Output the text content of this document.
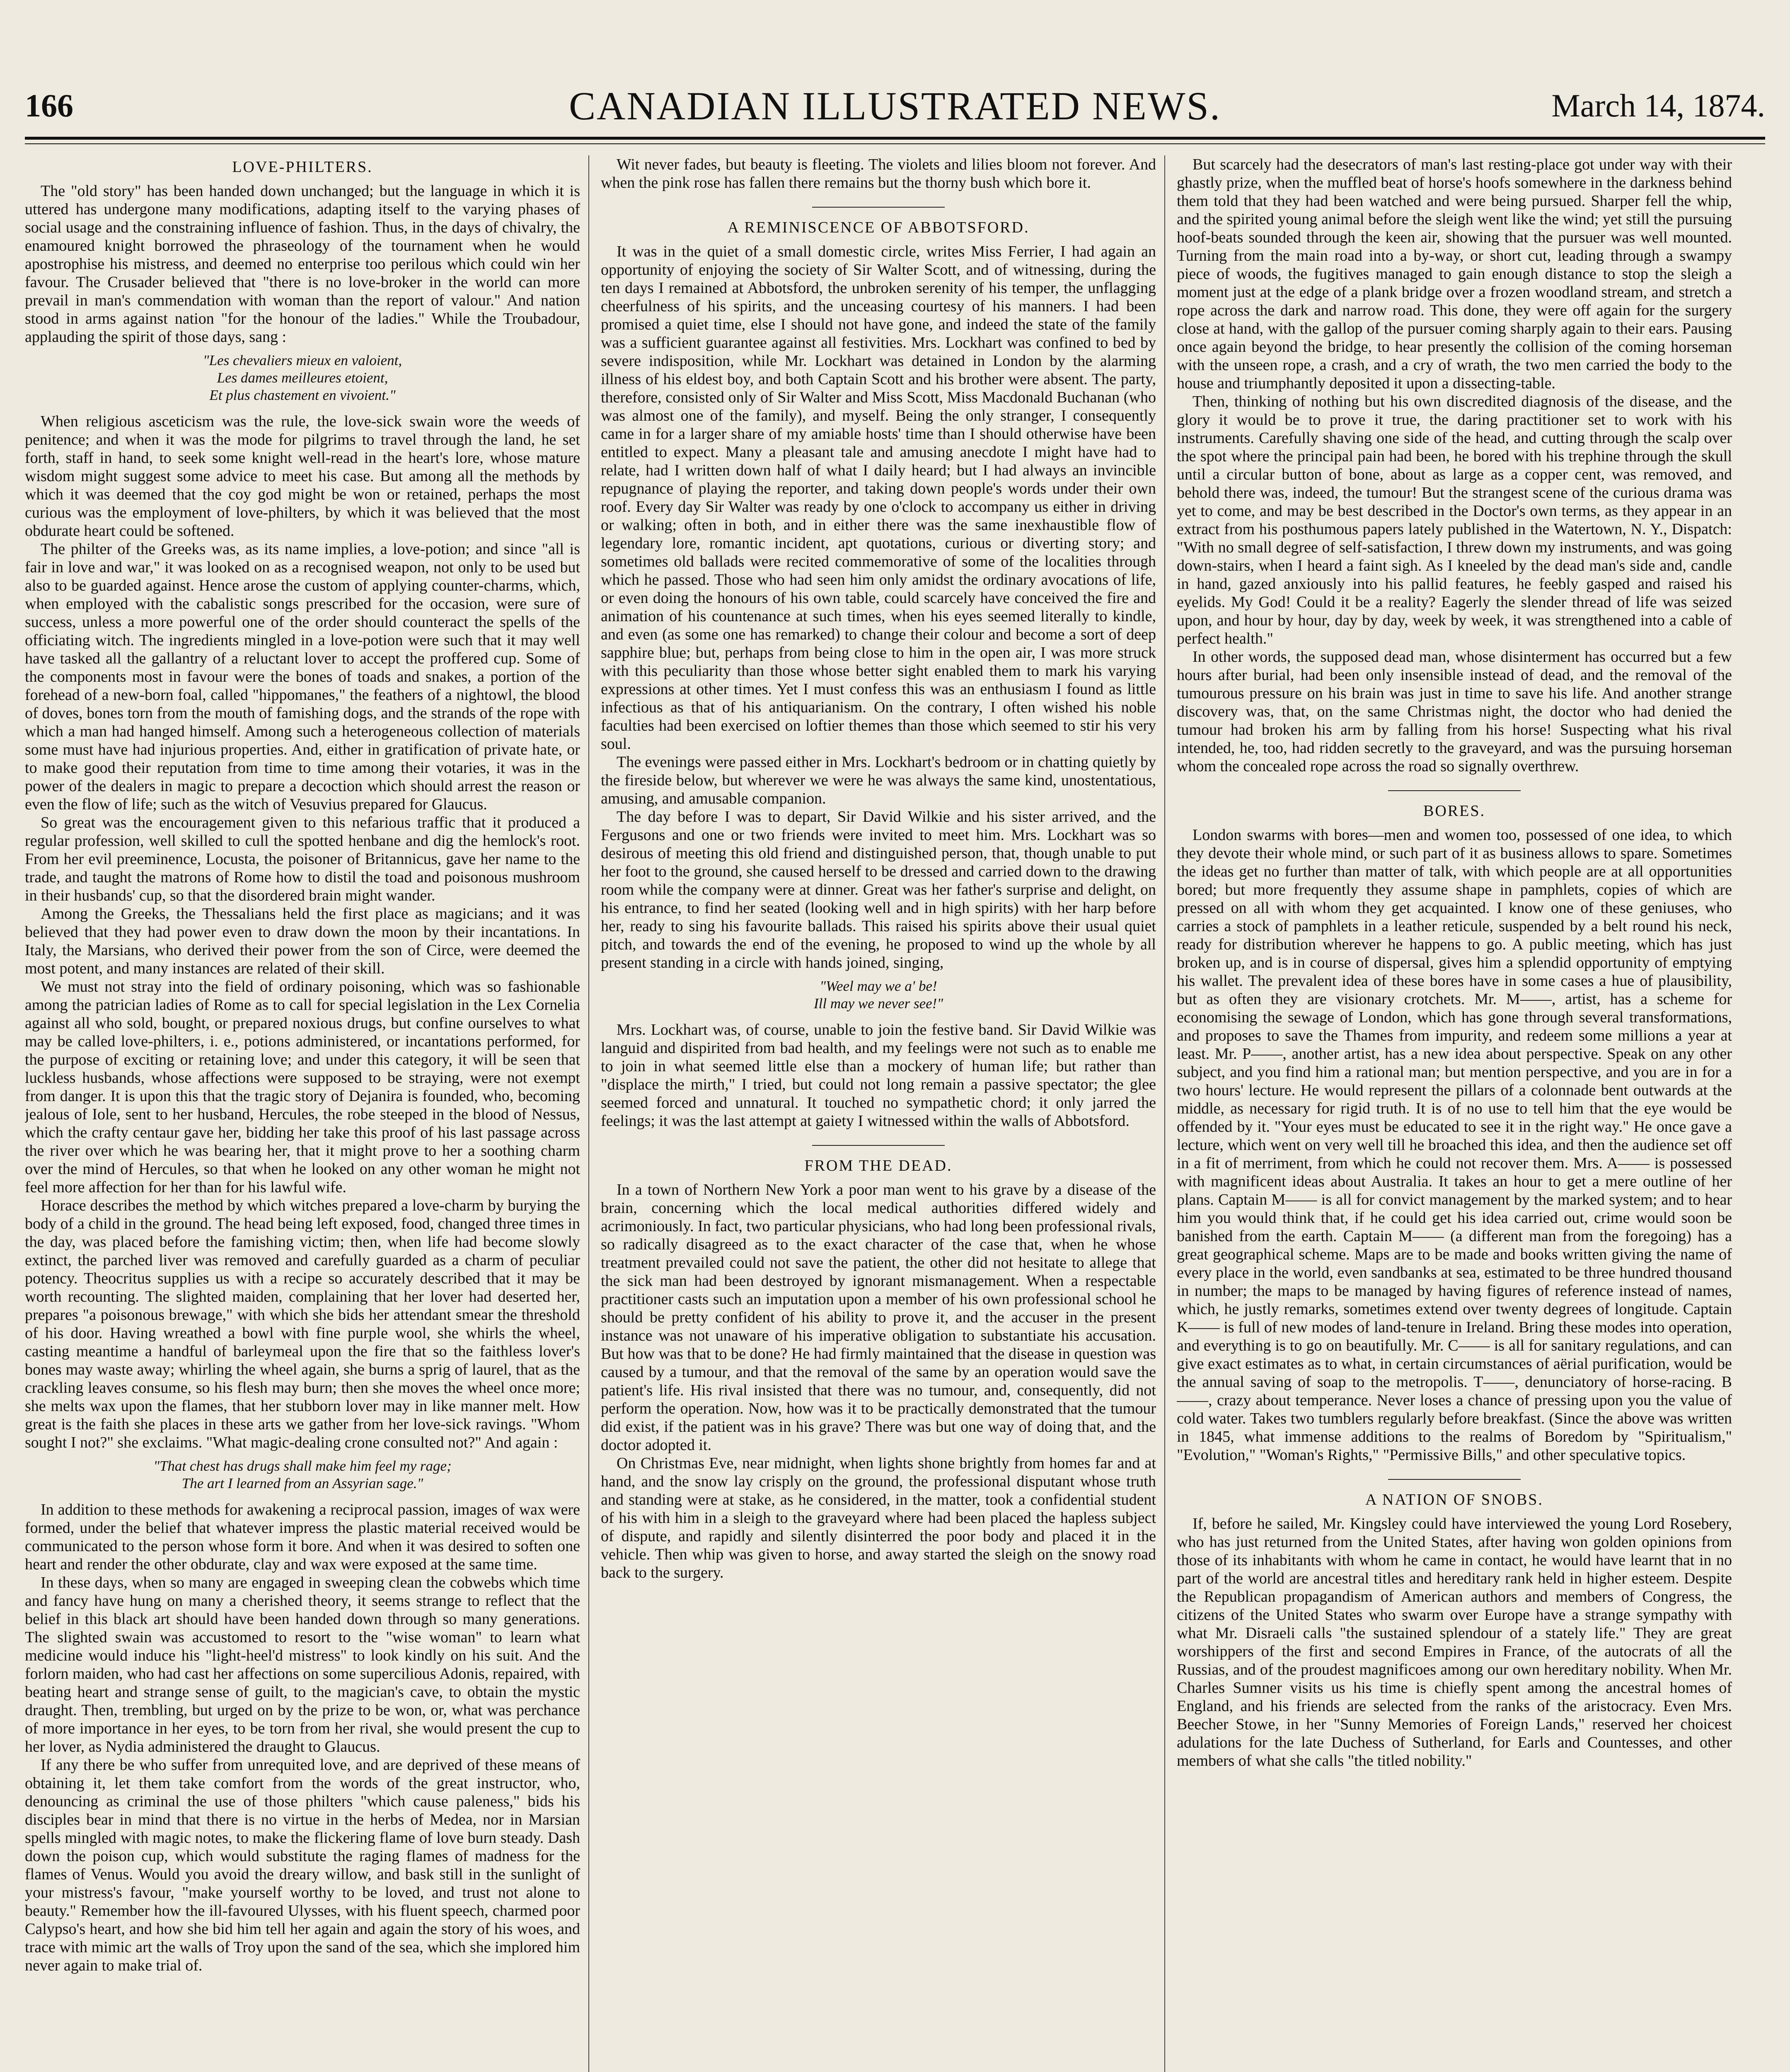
166	CANADIAN ILLUSTRATED NEWS.	March 14, 1874.
LOVE-PHILTERS.

The "old story" has been handed down unchanged; but the language in which it is uttered has undergone many modifications, adapting itself to the varying phases of social usage and the constraining influence of fashion. Thus, in the days of chivalry, the enamoured knight borrowed the phraseology of the tournament when he would apostrophise his mistress, and deemed no enterprise too perilous which could win her favour. The Crusader believed that "there is no love-broker in the world can more prevail in man's commendation with woman than the report of valour." And nation stood in arms against nation "for the honour of the ladies." While the Troubadour, applauding the spirit of those days, sang :

"Les chevaliers mieux en valoient,
Les dames meilleures etoient,
Et plus chastement en vivoient."

When religious asceticism was the rule, the love-sick swain wore the weeds of penitence; and when it was the mode for pilgrims to travel through the land, he set forth, staff in hand, to seek some knight well-read in the heart's lore, whose mature wisdom might suggest some advice to meet his case. But among all the methods by which it was deemed that the coy god might be won or retained, perhaps the most curious was the employment of love-philters, by which it was believed that the most obdurate heart could be softened.

The philter of the Greeks was, as its name implies, a love-potion; and since "all is fair in love and war," it was looked on as a recognised weapon, not only to be used but also to be guarded against. Hence arose the custom of applying counter-charms, which, when employed with the cabalistic songs prescribed for the occasion, were sure of success, unless a more powerful one of the order should counteract the spells of the officiating witch. The ingredients mingled in a love-potion were such that it may well have tasked all the gallantry of a reluctant lover to accept the proffered cup. Some of the components most in favour were the bones of toads and snakes, a portion of the forehead of a new-born foal, called "hippomanes," the feathers of a nightowl, the blood of doves, bones torn from the mouth of famishing dogs, and the strands of the rope with which a man had hanged himself. Among such a heterogeneous collection of materials some must have had injurious properties. And, either in gratification of private hate, or to make good their reputation from time to time among their votaries, it was in the power of the dealers in magic to prepare a decoction which should arrest the reason or even the flow of life; such as the witch of Vesuvius prepared for Glaucus.

So great was the encouragement given to this nefarious traffic that it produced a regular profession, well skilled to cull the spotted henbane and dig the hemlock's root. From her evil preeminence, Locusta, the poisoner of Britannicus, gave her name to the trade, and taught the matrons of Rome how to distil the toad and poisonous mushroom in their husbands' cup, so that the disordered brain might wander.

Among the Greeks, the Thessalians held the first place as magicians; and it was believed that they had power even to draw down the moon by their incantations. In Italy, the Marsians, who derived their power from the son of Circe, were deemed the most potent, and many instances are related of their skill.

We must not stray into the field of ordinary poisoning, which was so fashionable among the patrician ladies of Rome as to call for special legislation in the Lex Cornelia against all who sold, bought, or prepared noxious drugs, but confine ourselves to what may be called love-philters, i. e., potions administered, or incantations performed, for the purpose of exciting or retaining love; and under this category, it will be seen that luckless husbands, whose affections were supposed to be straying, were not exempt from danger. It is upon this that the tragic story of Dejanira is founded, who, becoming jealous of Iole, sent to her husband, Hercules, the robe steeped in the blood of Nessus, which the crafty centaur gave her, bidding her take this proof of his last passage across the river over which he was bearing her, that it might prove to her a soothing charm over the mind of Hercules, so that when he looked on any other woman he might not feel more affection for her than for his lawful wife.

Horace describes the method by which witches prepared a love-charm by burying the body of a child in the ground. The head being left exposed, food, changed three times in the day, was placed before the famishing victim; then, when life had become slowly extinct, the parched liver was removed and carefully guarded as a charm of peculiar potency. Theocritus supplies us with a recipe so accurately described that it may be worth recounting. The slighted maiden, complaining that her lover had deserted her, prepares "a poisonous brewage," with which she bids her attendant smear the threshold of his door. Having wreathed a bowl with fine purple wool, she whirls the wheel, casting meantime a handful of barleymeal upon the fire that so the faithless lover's bones may waste away; whirling the wheel again, she burns a sprig of laurel, that as the crackling leaves consume, so his flesh may burn; then she moves the wheel once more; she melts wax upon the flames, that her stubborn lover may in like manner melt. How great is the faith she places in these arts we gather from her love-sick ravings. "Whom sought I not?" she exclaims. "What magic-dealing crone consulted not?" And again :

"That chest has drugs shall make him feel my rage;
The art I learned from an Assyrian sage."

In addition to these methods for awakening a reciprocal passion, images of wax were formed, under the belief that whatever impress the plastic material received would be communicated to the person whose form it bore. And when it was desired to soften one heart and render the other obdurate, clay and wax were exposed at the same time.

In these days, when so many are engaged in sweeping clean the cobwebs which time and fancy have hung on many a cherished theory, it seems strange to reflect that the belief in this black art should have been handed down through so many generations. The slighted swain was accustomed to resort to the "wise woman" to learn what medicine would induce his "light-heel'd mistress" to look kindly on his suit. And the forlorn maiden, who had cast her affections on some supercilious Adonis, repaired, with beating heart and strange sense of guilt, to the magician's cave, to obtain the mystic draught. Then, trembling, but urged on by the prize to be won, or, what was perchance of more importance in her eyes, to be torn from her rival, she would present the cup to her lover, as Nydia administered the draught to Glaucus.

If any there be who suffer from unrequited love, and are deprived of these means of obtaining it, let them take comfort from the words of the great instructor, who, denouncing as criminal the use of those philters "which cause paleness," bids his disciples bear in mind that there is no virtue in the herbs of Medea, nor in Marsian spells mingled with magic notes, to make the flickering flame of love burn steady. Dash down the poison cup, which would substitute the raging flames of madness for the flames of Venus. Would you avoid the dreary willow, and bask still in the sunlight of your mistress's favour, "make yourself worthy to be loved, and trust not alone to beauty." Remember how the ill-favoured Ulysses, with his fluent speech, charmed poor Calypso's heart, and how she bid him tell her again and again the story of his woes, and trace with mimic art the walls of Troy upon the sand of the sea, which she implored him never again to make trial of.

Wit never fades, but beauty is fleeting. The violets and lilies bloom not forever. And when the pink rose has fallen there remains but the thorny bush which bore it.

A REMINISCENCE OF ABBOTSFORD.

It was in the quiet of a small domestic circle, writes Miss Ferrier, I had again an opportunity of enjoying the society of Sir Walter Scott, and of witnessing, during the ten days I remained at Abbotsford, the unbroken serenity of his temper, the unflagging cheerfulness of his spirits, and the unceasing courtesy of his manners. I had been promised a quiet time, else I should not have gone, and indeed the state of the family was a sufficient guarantee against all festivities. Mrs. Lockhart was confined to bed by severe indisposition, while Mr. Lockhart was detained in London by the alarming illness of his eldest boy, and both Captain Scott and his brother were absent. The party, therefore, consisted only of Sir Walter and Miss Scott, Miss Macdonald Buchanan (who was almost one of the family), and myself. Being the only stranger, I consequently came in for a larger share of my amiable hosts' time than I should otherwise have been entitled to expect. Many a pleasant tale and amusing anecdote I might have had to relate, had I written down half of what I daily heard; but I had always an invincible repugnance of playing the reporter, and taking down people's words under their own roof. Every day Sir Walter was ready by one o'clock to accompany us either in driving or walking; often in both, and in either there was the same inexhaustible flow of legendary lore, romantic incident, apt quotations, curious or diverting story; and sometimes old ballads were recited commemorative of some of the localities through which he passed. Those who had seen him only amidst the ordinary avocations of life, or even doing the honours of his own table, could scarcely have conceived the fire and animation of his countenance at such times, when his eyes seemed literally to kindle, and even (as some one has remarked) to change their colour and become a sort of deep sapphire blue; but, perhaps from being close to him in the open air, I was more struck with this peculiarity than those whose better sight enabled them to mark his varying expressions at other times. Yet I must confess this was an enthusiasm I found as little infectious as that of his antiquarianism. On the contrary, I often wished his noble faculties had been exercised on loftier themes than those which seemed to stir his very soul.

The evenings were passed either in Mrs. Lockhart's bedroom or in chatting quietly by the fireside below, but wherever we were he was always the same kind, unostentatious, amusing, and amusable companion.

The day before I was to depart, Sir David Wilkie and his sister arrived, and the Fergusons and one or two friends were invited to meet him. Mrs. Lockhart was so desirous of meeting this old friend and distinguished person, that, though unable to put her foot to the ground, she caused herself to be dressed and carried down to the drawing room while the company were at dinner. Great was her father's surprise and delight, on his entrance, to find her seated (looking well and in high spirits) with her harp before her, ready to sing his favourite ballads. This raised his spirits above their usual quiet pitch, and towards the end of the evening, he proposed to wind up the whole by all present standing in a circle with hands joined, singing,

"Weel may we a' be!
Ill may we never see!"

Mrs. Lockhart was, of course, unable to join the festive band. Sir David Wilkie was languid and dispirited from bad health, and my feelings were not such as to enable me to join in what seemed little else than a mockery of human life; but rather than "displace the mirth," I tried, but could not long remain a passive spectator; the glee seemed forced and unnatural. It touched no sympathetic chord; it only jarred the feelings; it was the last attempt at gaiety I witnessed within the walls of Abbotsford.

FROM THE DEAD.

In a town of Northern New York a poor man went to his grave by a disease of the brain, concerning which the local medical authorities differed widely and acrimoniously. In fact, two particular physicians, who had long been professional rivals, so radically disagreed as to the exact character of the case that, when he whose treatment prevailed could not save the patient, the other did not hesitate to allege that the sick man had been destroyed by ignorant mismanagement. When a respectable practitioner casts such an imputation upon a member of his own professional school he should be pretty confident of his ability to prove it, and the accuser in the present instance was not unaware of his imperative obligation to substantiate his accusation. But how was that to be done? He had firmly maintained that the disease in question was caused by a tumour, and that the removal of the same by an operation would save the patient's life. His rival insisted that there was no tumour, and, consequently, did not perform the operation. Now, how was it to be practically demonstrated that the tumour did exist, if the patient was in his grave? There was but one way of doing that, and the doctor adopted it.

On Christmas Eve, near midnight, when lights shone brightly from homes far and at hand, and the snow lay crisply on the ground, the professional disputant whose truth and standing were at stake, as he considered, in the matter, took a confidential student of his with him in a sleigh to the graveyard where had been placed the hapless subject of dispute, and rapidly and silently disinterred the poor body and placed it in the vehicle. Then whip was given to horse, and away started the sleigh on the snowy road back to the surgery.

But scarcely had the desecrators of man's last resting-place got under way with their ghastly prize, when the muffled beat of horse's hoofs somewhere in the darkness behind them told that they had been watched and were being pursued. Sharper fell the whip, and the spirited young animal before the sleigh went like the wind; yet still the pursuing hoof-beats sounded through the keen air, showing that the pursuer was well mounted. Turning from the main road into a by-way, or short cut, leading through a swampy piece of woods, the fugitives managed to gain enough distance to stop the sleigh a moment just at the edge of a plank bridge over a frozen woodland stream, and stretch a rope across the dark and narrow road. This done, they were off again for the surgery close at hand, with the gallop of the pursuer coming sharply again to their ears. Pausing once again beyond the bridge, to hear presently the collision of the coming horseman with the unseen rope, a crash, and a cry of wrath, the two men carried the body to the house and triumphantly deposited it upon a dissecting-table.

Then, thinking of nothing but his own discredited diagnosis of the disease, and the glory it would be to prove it true, the daring practitioner set to work with his instruments. Carefully shaving one side of the head, and cutting through the scalp over the spot where the principal pain had been, he bored with his trephine through the skull until a circular button of bone, about as large as a copper cent, was removed, and behold there was, indeed, the tumour! But the strangest scene of the curious drama was yet to come, and may be best described in the Doctor's own terms, as they appear in an extract from his posthumous papers lately published in the Watertown, N. Y., Dispatch: "With no small degree of self-satisfaction, I threw down my instruments, and was going down-stairs, when I heard a faint sigh. As I kneeled by the dead man's side and, candle in hand, gazed anxiously into his pallid features, he feebly gasped and raised his eyelids. My God! Could it be a reality? Eagerly the slender thread of life was seized upon, and hour by hour, day by day, week by week, it was strengthened into a cable of perfect health."

In other words, the supposed dead man, whose disinterment has occurred but a few hours after burial, had been only insensible instead of dead, and the removal of the tumourous pressure on his brain was just in time to save his life. And another strange discovery was, that, on the same Christmas night, the doctor who had denied the tumour had broken his arm by falling from his horse! Suspecting what his rival intended, he, too, had ridden secretly to the graveyard, and was the pursuing horseman whom the concealed rope across the road so signally overthrew.

BORES.

London swarms with bores—men and women too, possessed of one idea, to which they devote their whole mind, or such part of it as business allows to spare. Sometimes the ideas get no further than matter of talk, with which people are at all opportunities bored; but more frequently they assume shape in pamphlets, copies of which are pressed on all with whom they get acquainted. I know one of these geniuses, who carries a stock of pamphlets in a leather reticule, suspended by a belt round his neck, ready for distribution wherever he happens to go. A public meeting, which has just broken up, and is in course of dispersal, gives him a splendid opportunity of emptying his wallet. The prevalent idea of these bores have in some cases a hue of plausibility, but as often they are visionary crotchets. Mr. M——, artist, has a scheme for economising the sewage of London, which has gone through several transformations, and proposes to save the Thames from impurity, and redeem some millions a year at least. Mr. P——, another artist, has a new idea about perspective. Speak on any other subject, and you find him a rational man; but mention perspective, and you are in for a two hours' lecture. He would represent the pillars of a colonnade bent outwards at the middle, as necessary for rigid truth. It is of no use to tell him that the eye would be offended by it. "Your eyes must be educated to see it in the right way." He once gave a lecture, which went on very well till he broached this idea, and then the audience set off in a fit of merriment, from which he could not recover them. Mrs. A—— is possessed with magnificent ideas about Australia. It takes an hour to get a mere outline of her plans. Captain M—— is all for convict management by the marked system; and to hear him you would think that, if he could get his idea carried out, crime would soon be banished from the earth. Captain M—— (a different man from the foregoing) has a great geographical scheme. Maps are to be made and books written giving the name of every place in the world, even sandbanks at sea, estimated to be three hundred thousand in number; the maps to be managed by having figures of reference instead of names, which, he justly remarks, sometimes extend over twenty degrees of longitude. Captain K—— is full of new modes of land-tenure in Ireland. Bring these modes into operation, and everything is to go on beautifully. Mr. C—— is all for sanitary regulations, and can give exact estimates as to what, in certain circumstances of aërial purification, would be the annual saving of soap to the metropolis. T——, denunciatory of horse-racing. B——, crazy about temperance. Never loses a chance of pressing upon you the value of cold water. Takes two tumblers regularly before breakfast. (Since the above was written in 1845, what immense additions to the realms of Boredom by "Spiritualism," "Evolution," "Woman's Rights," "Permissive Bills," and other speculative topics.

A NATION OF SNOBS.

If, before he sailed, Mr. Kingsley could have interviewed the young Lord Rosebery, who has just returned from the United States, after having won golden opinions from those of its inhabitants with whom he came in contact, he would have learnt that in no part of the world are ancestral titles and hereditary rank held in higher esteem. Despite the Republican propagandism of American authors and members of Congress, the citizens of the United States who swarm over Europe have a strange sympathy with what Mr. Disraeli calls "the sustained splendour of a stately life." They are great worshippers of the first and second Empires in France, of the autocrats of all the Russias, and of the proudest magnificoes among our own hereditary nobility. When Mr. Charles Sumner visits us his time is chiefly spent among the ancestral homes of England, and his friends are selected from the ranks of the aristocracy. Even Mrs. Beecher Stowe, in her "Sunny Memories of Foreign Lands," reserved her choicest adulations for the late Duchess of Sutherland, for Earls and Countesses, and other members of what she calls "the titled nobility."
